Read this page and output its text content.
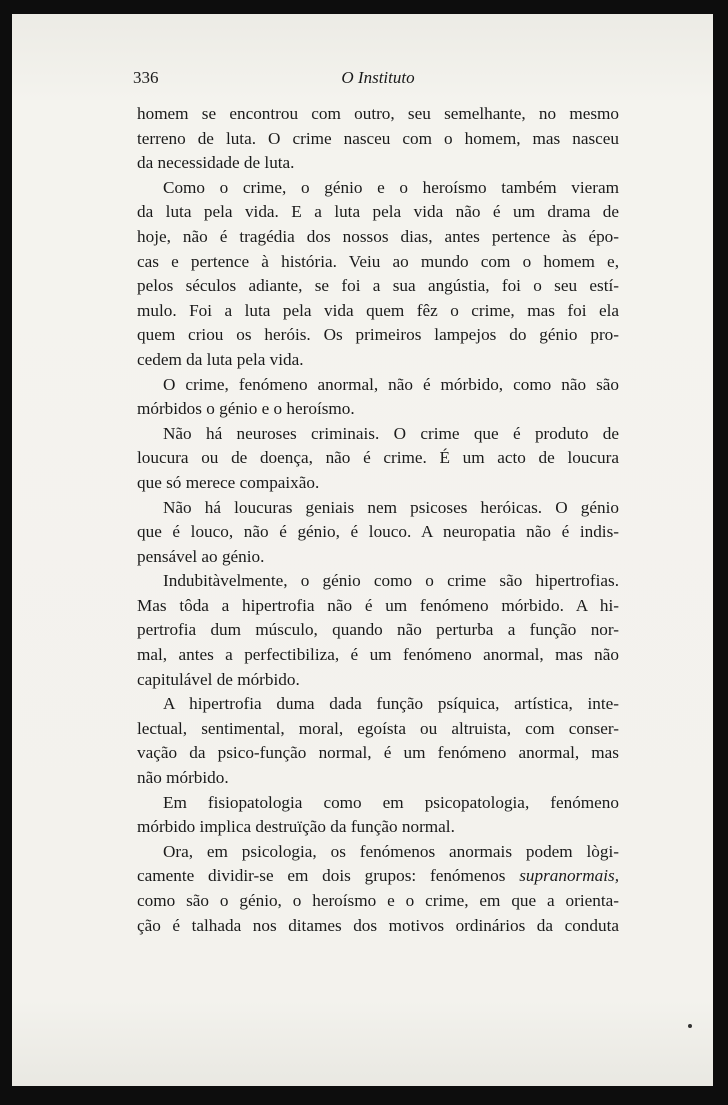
336	O Instituto
homem se encontrou com outro, seu semelhante, no mesmo
terreno de luta. O crime nasceu com o homem, mas nasceu
da necessidade de luta.
Como o crime, o génio e o heroísmo também vieram
da luta pela vida. E a luta pela vida não é um drama de
hoje, não é tragédia dos nossos dias, antes pertence às épo-
cas e pertence à história. Veiu ao mundo com o homem e,
pelos séculos adiante, se foi a sua angústia, foi o seu estí-
mulo. Foi a luta pela vida quem fêz o crime, mas foi ela
quem criou os heróis. Os primeiros lampejos do génio pro-
cedem da luta pela vida.
O crime, fenómeno anormal, não é mórbido, como não são
mórbidos o génio e o heroísmo.
Não há neuroses criminais. O crime que é produto de
loucura ou de doença, não é crime. É um acto de loucura
que só merece compaixão.
Não há loucuras geniais nem psicoses heróicas. O génio
que é louco, não é génio, é louco. A neuropatia não é indis-
pensável ao génio.
Indubitàvelmente, o génio como o crime são hipertrofias.
Mas tôda a hipertrofia não é um fenómeno mórbido. A hi-
pertrofia dum músculo, quando não perturba a função nor-
mal, antes a perfectibiliza, é um fenómeno anormal, mas não
capitulável de mórbido.
A hipertrofia duma dada função psíquica, artística, inte-
lectual, sentimental, moral, egoísta ou altruista, com conser-
vação da psico-função normal, é um fenómeno anormal, mas
não mórbido.
Em fisiopatologia como em psicopatologia, fenómeno
mórbido implica destruïção da função normal.
Ora, em psicologia, os fenómenos anormais podem lògi-
camente dividir-se em dois grupos: fenómenos supranormais,
como são o génio, o heroísmo e o crime, em que a orienta-
ção é talhada nos ditames dos motivos ordinários da conduta
